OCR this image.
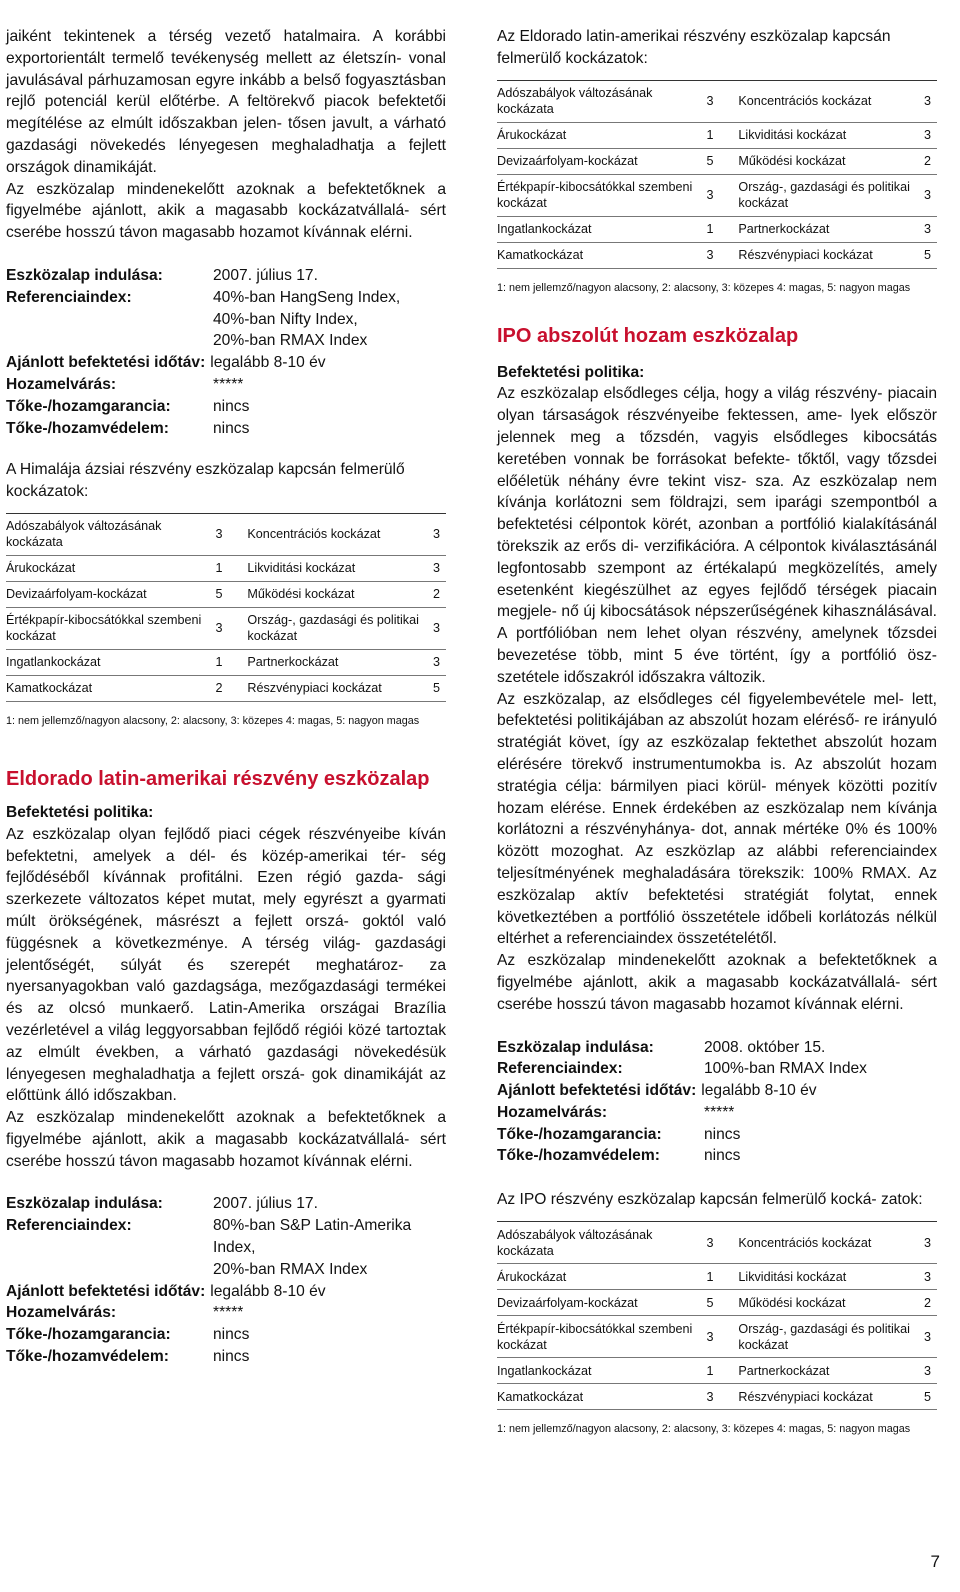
jaiként tekintenek a térség vezető hatalmaira. A korábbi exportorientált termelő tevékenység mellett az életszín- vonal javulásával párhuzamosan egyre inkább a belső fogyasztásban rejlő potenciál kerül előtérbe. A feltörekvő piacok befektetői megítélése az elmúlt időszakban jelen- tősen javult, a várható gazdasági növekedés lényegesen meghaladhatja a fejlett országok dinamikáját.

Az eszközalap mindenekelőtt azoknak a befektetőknek a figyelmébe ajánlott, akik a magasabb kockázatvállalá- sért cserébe hosszú távon magasabb hozamot kívánnak elérni.

Eszközalap indulása:	2007. július 17.
Referenciaindex:	40%-ban HangSeng Index,
40%-ban Nifty Index,
20%-ban RMAX Index
Ajánlott befektetési időtáv: legalább 8-10 év
Hozamelvárás:	*****
Tőke-/hozamgarancia:	nincs
Tőke-/hozamvédelem:	nincs

A Himalája ázsiai részvény eszközalap kapcsán felmerülő kockázatok:

Adószabályok változásának kockázata	3	Koncentrációs kockázat	3
Árukockázat	1	Likviditási kockázat	3
Devizaárfolyam-kockázat	5	Működési kockázat	2
Értékpapír-kibocsátókkal szembeni kockázat	3	Ország-, gazdasági és politikai kockázat	3
Ingatlankockázat	1	Partnerkockázat	3
Kamatkockázat	2	Részvénypiaci kockázat	5

1: nem jellemző/nagyon alacsony, 2: alacsony, 3: közepes 4: magas, 5: nagyon magas

Eldorado latin-amerikai részvény eszközalap

Befektetési politika:

Az eszközalap olyan fejlődő piaci cégek részvényeibe kíván befektetni, amelyek a dél- és közép-amerikai tér- ség fejlődéséből kívánnak profitálni. Ezen régió gazda- sági szerkezete változatos képet mutat, mely egyrészt a gyarmati múlt örökségének, másrészt a fejlett orszá- goktól való függésnek a következménye. A térség világ- gazdasági jelentőségét, súlyát és szerepét meghatároz- za nyersanyagokban való gazdagsága, mezőgazdasági termékei és az olcsó munkaerő. Latin-Amerika országai Brazília vezérletével a világ leggyorsabban fejlődő régiói közé tartoztak az elmúlt években, a várható gazdasági növekedésük lényegesen meghaladhatja a fejlett orszá- gok dinamikáját az előttünk álló időszakban.

Az eszközalap mindenekelőtt azoknak a befektetőknek a figyelmébe ajánlott, akik a magasabb kockázatvállalá- sért cserébe hosszú távon magasabb hozamot kívánnak elérni.

Eszközalap indulása:	2007. július 17.
Referenciaindex:	80%-ban S&P Latin-Amerika
Index,
20%-ban RMAX Index
Ajánlott befektetési időtáv: legalább 8-10 év
Hozamelvárás:	*****
Tőke-/hozamgarancia:	nincs
Tőke-/hozamvédelem:	nincs

Az Eldorado latin-amerikai részvény eszközalap kapcsán felmerülő kockázatok:

Adószabályok változásának kockázata	3	Koncentrációs kockázat	3
Árukockázat	1	Likviditási kockázat	3
Devizaárfolyam-kockázat	5	Működési kockázat	2
Értékpapír-kibocsátókkal szembeni kockázat	3	Ország-, gazdasági és politikai kockázat	3
Ingatlankockázat	1	Partnerkockázat	3
Kamatkockázat	3	Részvénypiaci kockázat	5

1: nem jellemző/nagyon alacsony, 2: alacsony, 3: közepes 4: magas, 5: nagyon magas

IPO abszolút hozam eszközalap

Befektetési politika:

Az eszközalap elsődleges célja, hogy a világ részvény- piacain olyan társaságok részvényeibe fektessen, ame- lyek először jelennek meg a tőzsdén, vagyis elsődleges kibocsátás keretében vonnak be forrásokat befekte- tőktől, vagy tőzsdei előéletük néhány évre tekint visz- sza. Az eszközalap nem kívánja korlátozni sem földrajzi, sem iparági szempontból a befektetési célpontok körét, azonban a portfólió kialakításánál törekszik az erős di- verzifikációra. A célpontok kiválasztásánál legfontosabb szempont az értékalapú megközelítés, amely esetenként kiegészülhet az egyes fejlődő térségek piacain megjele- nő új kibocsátások népszerűségének kihasználásával. A portfólióban nem lehet olyan részvény, amelynek tőzsdei bevezetése több, mint 5 éve történt, így a portfólió ösz- szetétele időszakról időszakra változik.

Az eszközalap, az elsődleges cél figyelembevétele mel- lett, befektetési politikájában az abszolút hozam eléréső- re irányuló stratégiát követ, így az eszközalap fektethet abszolút hozam elérésére törekvő instrumentumokba is. Az abszolút hozam stratégia célja: bármilyen piaci körül- mények közötti pozitív hozam elérése. Ennek érdekében az eszközalap nem kívánja korlátozni a részvényhánya- dot, annak mértéke 0% és 100% között mozoghat. Az eszközlap az alábbi referenciaindex teljesítményének meghaladására törekszik: 100% RMAX. Az eszközalap aktív befektetési stratégiát folytat, ennek következtében a portfólió összetétele időbeli korlátozás nélkül eltérhet a referenciaindex összetételétől.

Az eszközalap mindenekelőtt azoknak a befektetőknek a figyelmébe ajánlott, akik a magasabb kockázatvállalá- sért cserébe hosszú távon magasabb hozamot kívánnak elérni.

Eszközalap indulása:	2008. október 15.
Referenciaindex:	100%-ban RMAX Index
Ajánlott befektetési időtáv: legalább 8-10 év
Hozamelvárás:	*****
Tőke-/hozamgarancia:	nincs
Tőke-/hozamvédelem:	nincs

Az IPO részvény eszközalap kapcsán felmerülő kocká- zatok:

Adószabályok változásának kockázata	3	Koncentrációs kockázat	3
Árukockázat	1	Likviditási kockázat	3
Devizaárfolyam-kockázat	5	Működési kockázat	2
Értékpapír-kibocsátókkal szembeni kockázat	3	Ország-, gazdasági és politikai kockázat	3
Ingatlankockázat	1	Partnerkockázat	3
Kamatkockázat	3	Részvénypiaci kockázat	5

1: nem jellemző/nagyon alacsony, 2: alacsony, 3: közepes 4: magas, 5: nagyon magas

7
